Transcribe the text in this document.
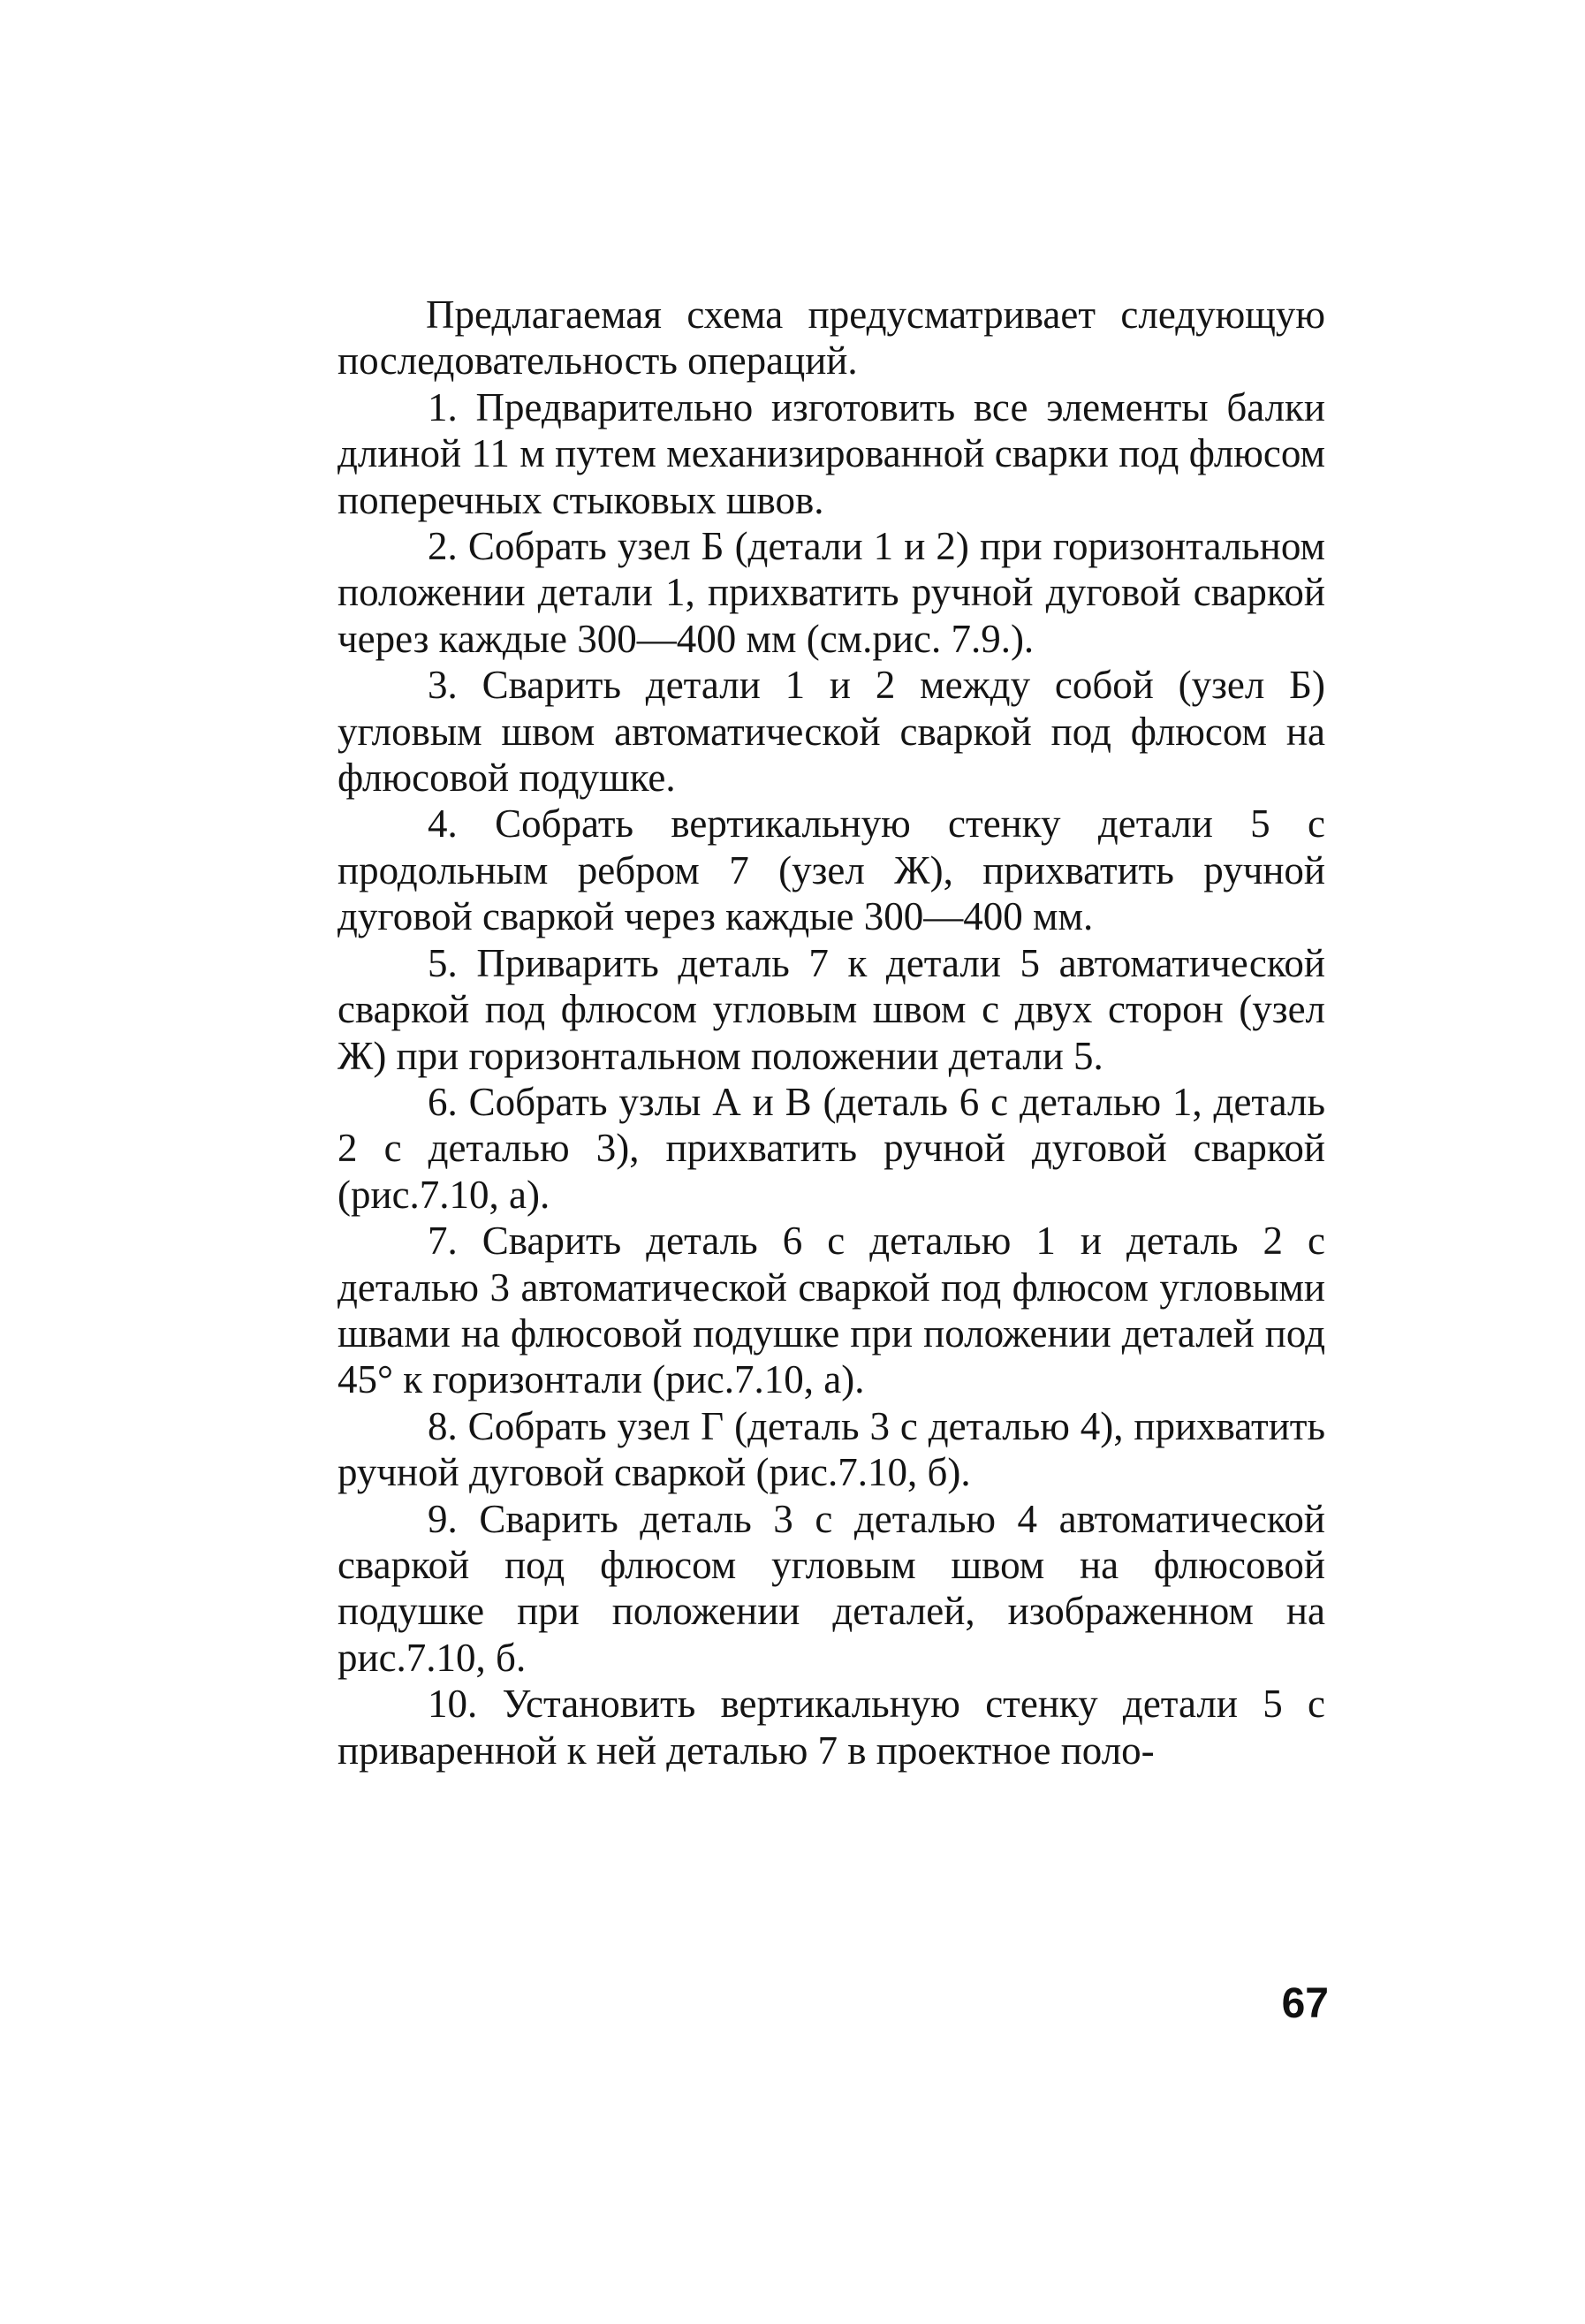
Предлагаемая схема предусматривает следующую последовательность операций.

1. Предварительно изготовить все элементы балки длиной 11 м путем механизированной сварки под флюсом поперечных стыковых швов.

2. Собрать узел Б (детали 1 и 2) при горизонтальном положении детали 1, прихватить ручной дуговой сваркой через каждые 300—400 мм (см.рис. 7.9.).

3. Сварить детали 1 и 2 между собой (узел Б) угловым швом автоматической сваркой под флюсом на флюсовой подушке.

4. Собрать вертикальную стенку детали 5 с продольным ребром 7 (узел Ж), прихватить ручной дуговой сваркой через каждые 300—400 мм.

5. Приварить деталь 7 к детали 5 автоматической сваркой под флюсом угловым швом с двух сторон (узел Ж) при горизонтальном положении детали 5.

6. Собрать узлы А и В (деталь 6 с деталью 1, деталь 2 с деталью 3), прихватить ручной дуговой сваркой (рис.7.10, а).

7. Сварить деталь 6 с деталью 1 и деталь 2 с деталью 3 автоматической сваркой под флюсом угловыми швами на флюсовой подушке при положении деталей под 45° к горизонтали (рис.7.10, а).

8. Собрать узел Г (деталь 3 с деталью 4), прихватить ручной дуговой сваркой (рис.7.10, б).

9. Сварить деталь 3 с деталью 4 автоматической сваркой под флюсом угловым швом на флюсовой подушке при положении деталей, изображенном на рис.7.10, б.

10. Установить вертикальную стенку детали 5 с приваренной к ней деталью 7 в проектное поло-

67
